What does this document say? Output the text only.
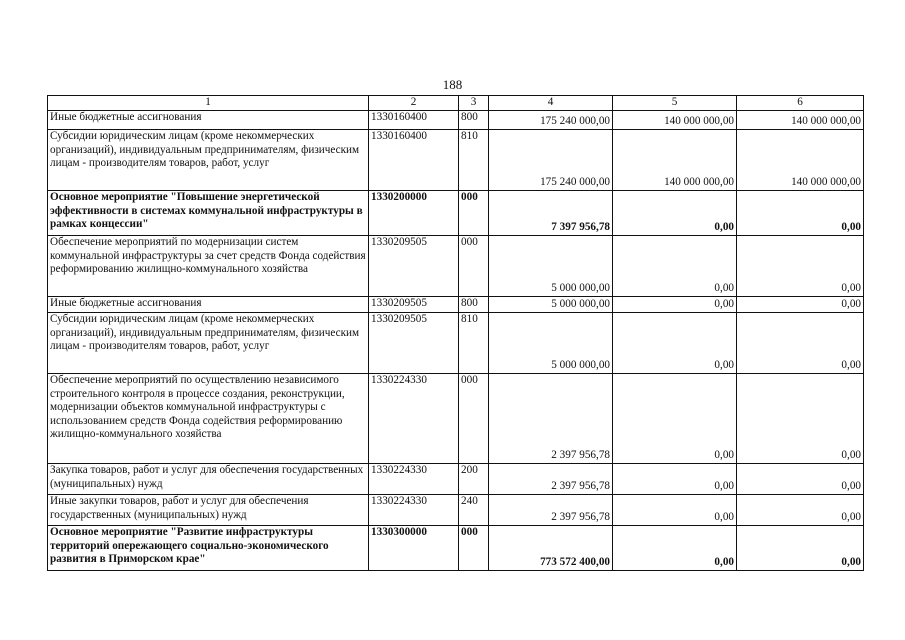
188
1	2	3	4	5	6
Иные бюджетные ассигнования	1330160400	800	175 240 000,00	140 000 000,00	140 000 000,00
Субсидии юридическим лицам (кроме некоммерческих организаций), индивидуальным предпринимателям, физическим лицам - производителям товаров, работ, услуг	1330160400	810	175 240 000,00	140 000 000,00	140 000 000,00
Основное мероприятие "Повышение энергетической эффективности в системах коммунальной инфраструктуры в рамках концессии"	1330200000	000	7 397 956,78	0,00	0,00
Обеспечение мероприятий по модернизации систем коммунальной инфраструктуры за счет средств Фонда содействия реформированию жилищно-коммунального хозяйства	1330209505	000	5 000 000,00	0,00	0,00
Иные бюджетные ассигнования	1330209505	800	5 000 000,00	0,00	0,00
Субсидии юридическим лицам (кроме некоммерческих организаций), индивидуальным предпринимателям, физическим лицам - производителям товаров, работ, услуг	1330209505	810	5 000 000,00	0,00	0,00
Обеспечение мероприятий по осуществлению независимого строительного контроля в процессе создания, реконструкции, модернизации объектов коммунальной инфраструктуры с использованием средств Фонда содействия реформированию жилищно-коммунального хозяйства	1330224330	000	2 397 956,78	0,00	0,00
Закупка товаров, работ и услуг для обеспечения государственных (муниципальных) нужд	1330224330	200	2 397 956,78	0,00	0,00
Иные закупки товаров, работ и услуг для обеспечения государственных (муниципальных) нужд	1330224330	240	2 397 956,78	0,00	0,00
Основное мероприятие "Развитие инфраструктуры территорий опережающего социально-экономического развития в Приморском крае"	1330300000	000	773 572 400,00	0,00	0,00
